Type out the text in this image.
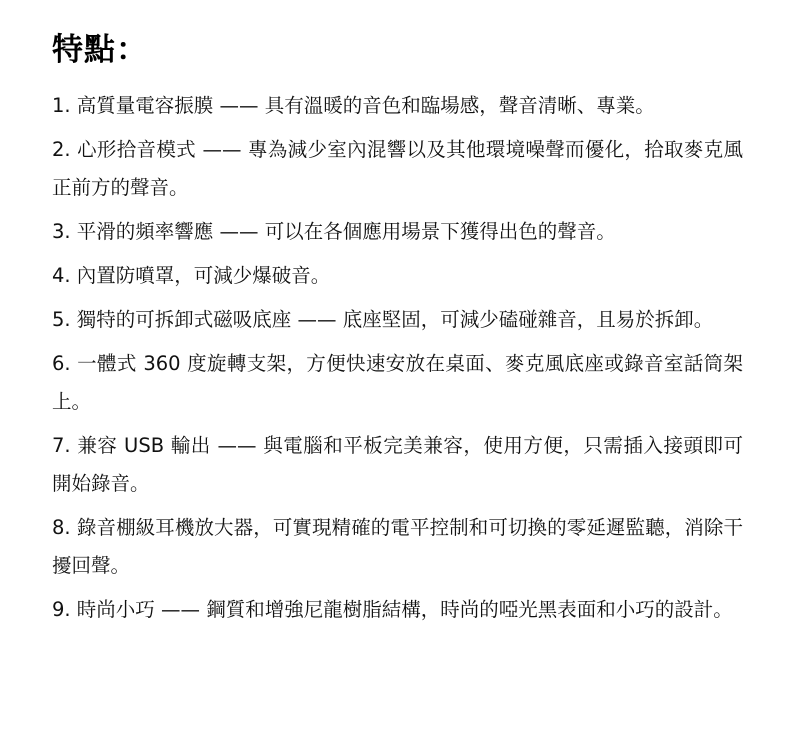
特點：
1. 高質量電容振膜 —— 具有溫暖的音色和臨場感，聲音清晰、專業。
2. 心形拾音模式 —— 專為減少室內混響以及其他環境噪聲而優化，拾取麥克風正前方的聲音。
3. 平滑的頻率響應 —— 可以在各個應用場景下獲得出色的聲音。
4. 內置防噴罩，可減少爆破音。
5. 獨特的可拆卸式磁吸底座 —— 底座堅固，可減少磕碰雜音，且易於拆卸。
6. 一體式 360 度旋轉支架，方便快速安放在桌面、麥克風底座或錄音室話筒架上。
7. 兼容 USB 輸出 —— 與電腦和平板完美兼容，使用方便，只需插入接頭即可開始錄音。
8. 錄音棚級耳機放大器，可實現精確的電平控制和可切換的零延遲監聽，消除干擾回聲。
9. 時尚小巧 —— 鋼質和增強尼龍樹脂結構，時尚的啞光黑表面和小巧的設計。
